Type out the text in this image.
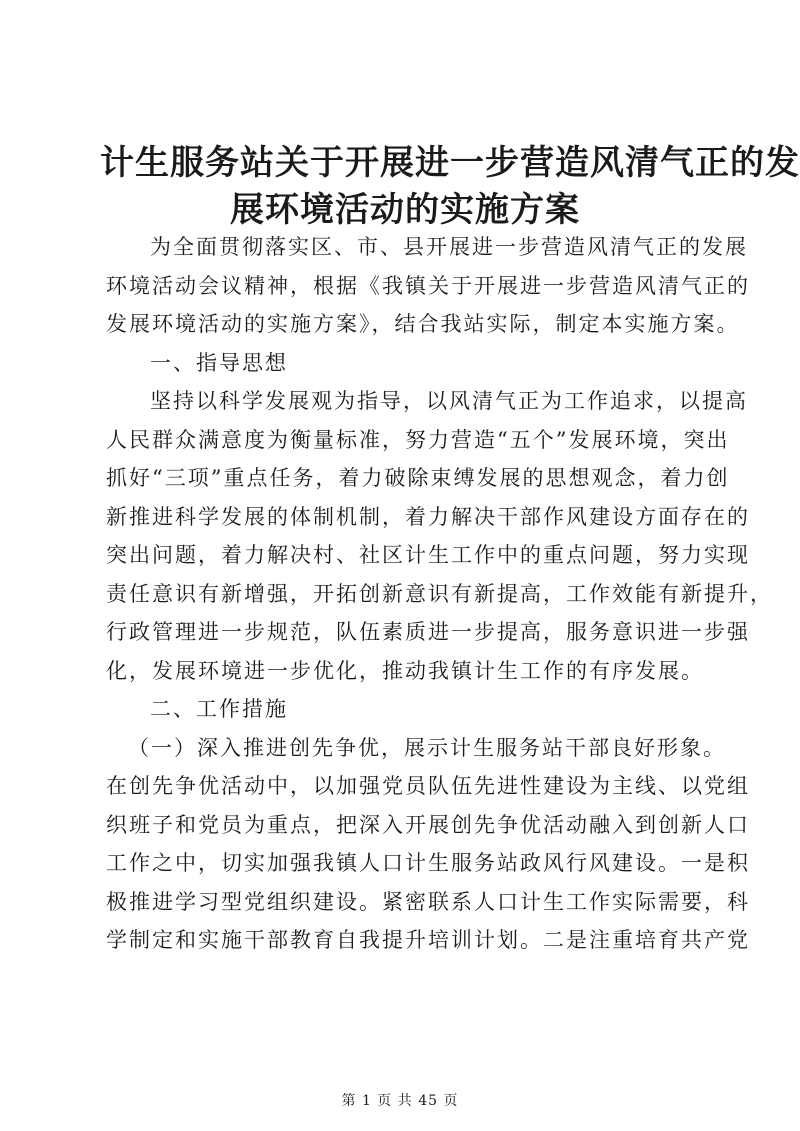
计生服务站关于开展进一步营造风清气正的发
展环境活动的实施方案
为全面贯彻落实区、市、县开展进一步营造风清气正的发展
环境活动会议精神，根据《我镇关于开展进一步营造风清气正的
发展环境活动的实施方案》，结合我站实际，制定本实施方案。
一、指导思想
坚持以科学发展观为指导，以风清气正为工作追求，以提高
人民群众满意度为衡量标准，努力营造“五个”发展环境，突出
抓好“三项”重点任务，着力破除束缚发展的思想观念，着力创
新推进科学发展的体制机制，着力解决干部作风建设方面存在的
突出问题，着力解决村、社区计生工作中的重点问题，努力实现
责任意识有新增强，开拓创新意识有新提高，工作效能有新提升，
行政管理进一步规范，队伍素质进一步提高，服务意识进一步强
化，发展环境进一步优化，推动我镇计生工作的有序发展。
二、工作措施
（一）深入推进创先争优，展示计生服务站干部良好形象。
在创先争优活动中，以加强党员队伍先进性建设为主线、以党组
织班子和党员为重点，把深入开展创先争优活动融入到创新人口
工作之中，切实加强我镇人口计生服务站政风行风建设。一是积
极推进学习型党组织建设。紧密联系人口计生工作实际需要，科
学制定和实施干部教育自我提升培训计划。二是注重培育共产党
第 1 页 共 45 页
